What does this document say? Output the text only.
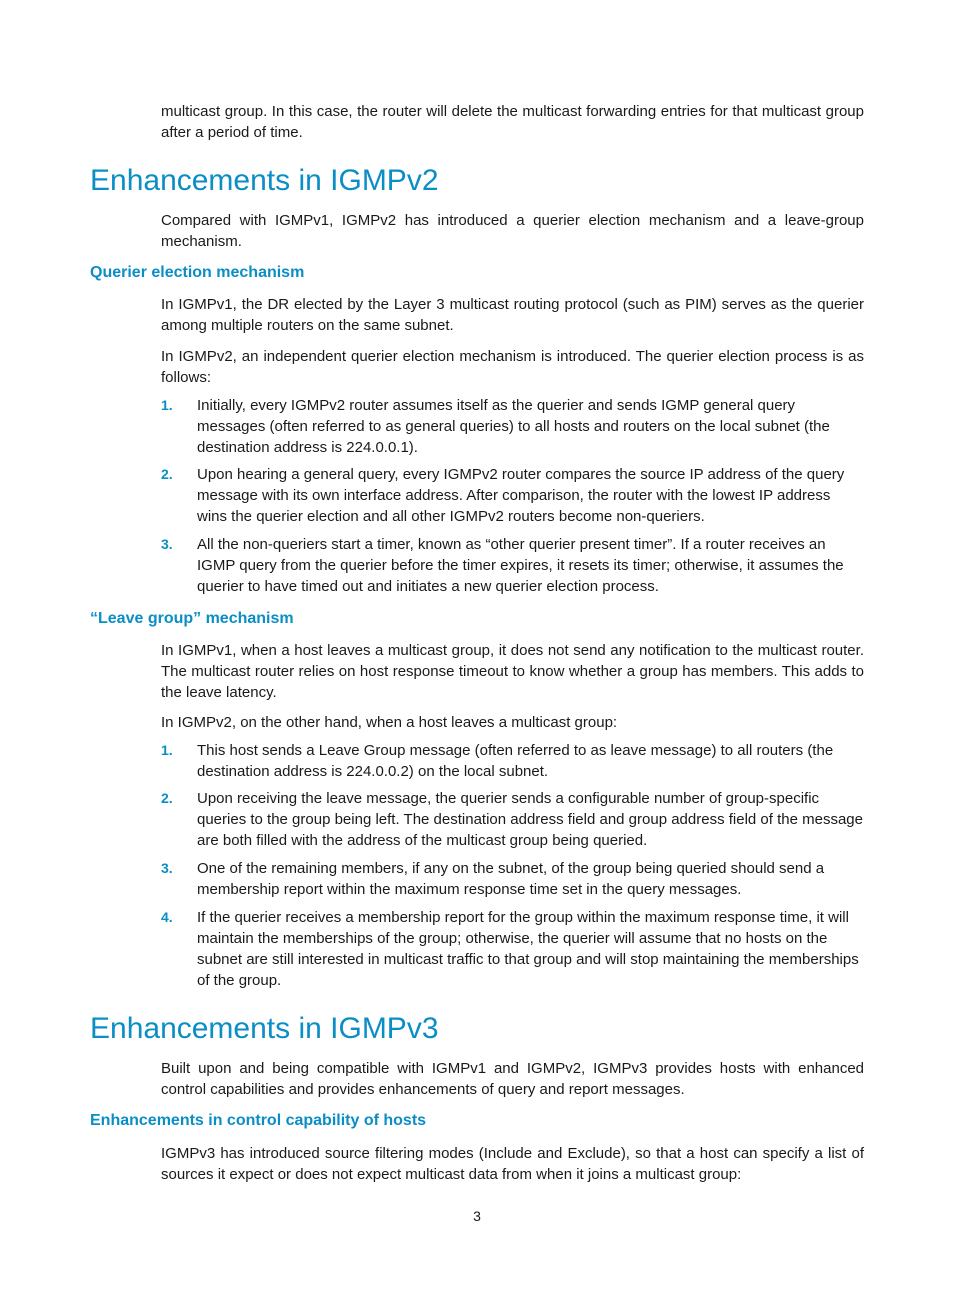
multicast group. In this case, the router will delete the multicast forwarding entries for that multicast group after a period of time.

Enhancements in IGMPv2

Compared with IGMPv1, IGMPv2 has introduced a querier election mechanism and a leave-group mechanism.

Querier election mechanism

In IGMPv1, the DR elected by the Layer 3 multicast routing protocol (such as PIM) serves as the querier among multiple routers on the same subnet.

In IGMPv2, an independent querier election mechanism is introduced. The querier election process is as follows:

1.	Initially, every IGMPv2 router assumes itself as the querier and sends IGMP general query messages (often referred to as general queries) to all hosts and routers on the local subnet (the destination address is 224.0.0.1).
2.	Upon hearing a general query, every IGMPv2 router compares the source IP address of the query message with its own interface address. After comparison, the router with the lowest IP address wins the querier election and all other IGMPv2 routers become non-queriers.
3.	All the non-queriers start a timer, known as “other querier present timer”. If a router receives an IGMP query from the querier before the timer expires, it resets its timer; otherwise, it assumes the querier to have timed out and initiates a new querier election process.
“Leave group” mechanism

In IGMPv1, when a host leaves a multicast group, it does not send any notification to the multicast router. The multicast router relies on host response timeout to know whether a group has members. This adds to the leave latency.

In IGMPv2, on the other hand, when a host leaves a multicast group:

1.	This host sends a Leave Group message (often referred to as leave message) to all routers (the destination address is 224.0.0.2) on the local subnet.
2.	Upon receiving the leave message, the querier sends a configurable number of group-specific queries to the group being left. The destination address field and group address field of the message are both filled with the address of the multicast group being queried.
3.	One of the remaining members, if any on the subnet, of the group being queried should send a membership report within the maximum response time set in the query messages.
4.	If the querier receives a membership report for the group within the maximum response time, it will maintain the memberships of the group; otherwise, the querier will assume that no hosts on the subnet are still interested in multicast traffic to that group and will stop maintaining the memberships of the group.
Enhancements in IGMPv3

Built upon and being compatible with IGMPv1 and IGMPv2, IGMPv3 provides hosts with enhanced control capabilities and provides enhancements of query and report messages.

Enhancements in control capability of hosts

IGMPv3 has introduced source filtering modes (Include and Exclude), so that a host can specify a list of sources it expect or does not expect multicast data from when it joins a multicast group:

3
